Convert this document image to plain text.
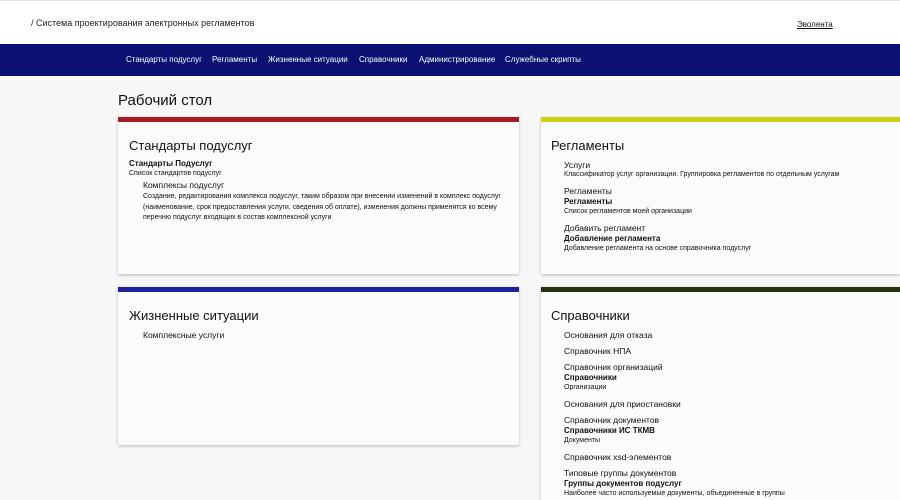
/ Система проектирования электронных регламентов	Эволента
Стандарты подуслуг Регламенты Жизненные ситуации Справочники Администрирование Служебные скрипты
Рабочий стол
Стандарты подуслуг
Стандарты Подуслуг
Список стандартов подуслуг
Комплексы подуслуг
Создание, редактирования комплекса подуслуг, таким образом при внесении изменений в комплекс подуслуг (наименование, срок предоставления услуги, сведения об оплате), изменения должны применятся ко всему перечню подуслуг входящих в состав комплексной услуги
Регламенты
Услуги
Классификатор услуг организации. Группировка регламентов по отдельным услугам
Регламенты
Регламенты
Список регламентов моей организации
Добавить регламент
Добавление регламента
Добавление регламента на основе справочника подуслуг
Жизненные ситуации
Комплексные услуги
Справочники
Основания для отказа
Справочник НПА
Справочник организаций
Справочники
Организации
Основания для приостановки
Справочник документов
Справочники ИС ТКМВ
Документы
Справочник xsd-элементов
Типовые группы документов
Группы документов подуслуг
Наиболее часто используемые документы, объединенные в группы
